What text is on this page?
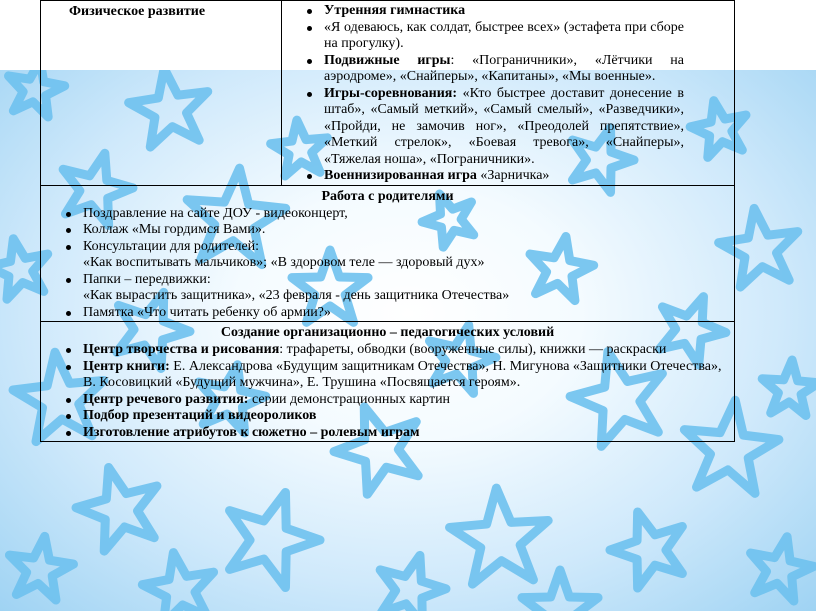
Физическое развитие	Утренняя гимнастика
«Я одеваюсь, как солдат, быстрее всех» (эстафета при сборе на прогулку).
Подвижные игры: «Пограничники», «Лётчики на аэродроме», «Снайперы», «Капитаны», «Мы военные».
Игры-соревнования: «Кто быстрее доставит донесение в штаб», «Самый меткий», «Самый смелый», «Разведчики», «Пройди, не замочив ног», «Преодолей препятствие», «Меткий стрелок», «Боевая тревога», «Снайперы», «Тяжелая ноша», «Пограничники».
Военнизированная игра «Зарничка»

Работа с родителями
Поздравление на сайте ДОУ - видеоконцерт,
Коллаж «Мы гордимся Вами».
Консультации для родителей:
«Как воспитывать мальчиков»; «В здоровом теле — здоровый дух»
Папки – передвижки:
«Как вырастить защитника», «23 февраля - день защитника Отечества»
Памятка «Что читать ребенку об армии?»

Создание организационно – педагогических условий
Центр творчества и рисования: трафареты, обводки (вооруженные силы), книжки — раскраски
Центр книги: Е. Александрова «Будущим защитникам Отечества», Н. Мигунова «Защитники Отечества», В. Косовицкий «Будущий мужчина», Е. Трушина «Посвящается героям».
Центр речевого развития: серии демонстрационных картин
Подбор презентаций и видеороликов
Изготовление атрибутов к сюжетно – ролевым играм
